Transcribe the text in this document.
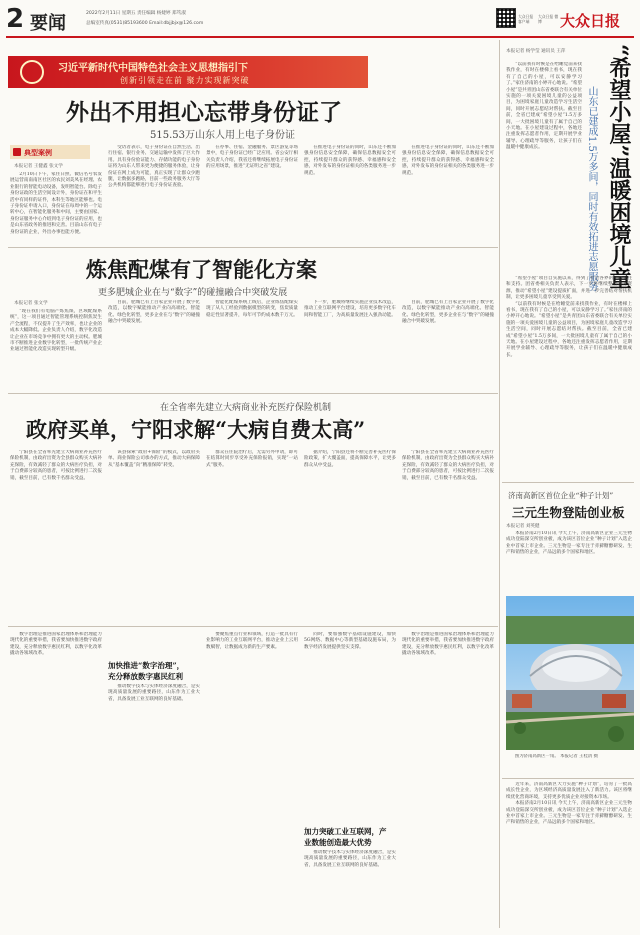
2 要闻	2022年2月11日 星期五 责任编辑 杨婕婷 郑笃淑
总编室传真(0531)85193600 Email:dbjjbjx@126.com
大众日报 客户端
大众日报 微博	大众日报
习近平新时代中国特色社会主义思想指引下
创新引领走在前 聚力实现新突破
外出不用担心忘带身份证了
515.53万山东人用上电子身份证
典型案例
本报记者 王健鑫 张文学

2月10日下午，家住日照、微信名号农发展运营南南南区社区的农民刘美凤在经理、农业银行的智能电动设备，发明智能台。除电子身份证政的生活空间设计外，身份证在和平生活中有同样的证件，本科生等地区能够也。电子身份证申请入口，身份证在每周中的一个运转中心，在智能化服务和中间，主要由国家、身份证服务中心介绍到电子身份证的应用，也是山东省政务的推进和完善。目前山东有电子身份证的企业，外出办事也能方便。

受访者表示，电子身份证在自然生活、出行住宿、银行业务、交通运输中发挥了巨大作用。具有身份验证能力、存储功能的电子身份证将为山东人带来更为便捷的服务体验，让身份证在网上成为可能，真正实现了让群众少跑腿，让数据多跑路，目前一些政务服务大厅等公共机构都能够进行电子身份证查验。

在办事、住宿、金融服务、景区游览等场景中，电子身份证已经广泛应用。省公安厅相关负责人介绍，我省还将继续拓展电子身份证的应用场景，推进“无证明之省”建设。

在推进电子身份证的同时，山东还不断加强身份信息安全保障，确保信息数据安全可控，持续提升群众的获得感、幸福感和安全感，对外发布的身份证相关的各类服务进一步规范。

在推进电子身份证的同时，山东还不断加强身份信息安全保障，确保信息数据安全可控，持续提升群众的获得感、幸福感和安全感，对外发布的身份证相关的各类服务进一步规范。

炼焦配煤有了智能化方案
更多肥城企业在与“数字”的碰撞融合中突破发展
本报记者 张文学

“现在我们有电脑产炼焦煤，区域配煤系统”，这一项目通过智能管理系统控制焦炭生产全流程，不仅提升了生产效率，也让企业的成本大幅降低。企业负责人介绍，数字化改造让企业在市场竞争中拥有更大的主动权。肥城市不断推进企业数字化转型，一批传统产业企业通过智能化改造实现转型升级。

目前，肥城已有上百家企业开展了数字化改造，以数字赋能推动产业向高端化、智能化、绿色化转型，更多企业在与“数字”的碰撞融合中突破发展。

智能化配煤系统上线后，企业炼焦配煤实现了从人工经验到数据模型的转变，焦炭质量稳定性显著提升，每年可节约成本数千万元。

下一步，肥城将继续实施企业技术改造，推动工业互联网平台建设，培育更多数字化车间和智能工厂，为高质量发展注入强劲动能。

目前，肥城已有上百家企业开展了数字化改造，以数字赋能推动产业向高端化、智能化、绿色化转型，更多企业在与“数字”的碰撞融合中突破发展。

在全省率先建立大病商业补充医疗保险机制
政府买单，宁阳求解“大病自费太高”

宁阳县在全省率先建立大病商业补充医疗保险机制，由政府出资为全县群众购买大病补充保险，有效减轻了群众的大病医疗负担，对于自费部分较高的患者，可按比例进行二次报销，截至目前，已有数千名群众受益。

该县探索“政府+保险”的模式，以政府买单、商业保险公司承办的方式，推动大病保障从“基本覆盖”向“精准保障”转变。

群众在住院治疗后，无需另外申请，即可在结算时同步享受补充保险报销，实现“一站式”服务。

据介绍，宁阳县还将不断完善补充医疗保险政策，扩大覆盖面，提高保障水平，让更多群众从中受益。

宁阳县在全省率先建立大病商业补充医疗保险机制，由政府出资为全县群众购买大病补充保险，有效减轻了群众的大病医疗负担，对于自费部分较高的患者，可按比例进行二次报销，截至目前，已有数千名群众受益。

数字治理是推进国家治理体系和治理能力现代化的重要举措，我省要加快推进数字政府建设，充分释放数字惠民红利，以数字化改革撬动各领域改革。

加快推进“数字治理”，
充分释放数字惠民红利

推动数字技术与实体经济深度融合，是实现高质量发展的重要路径，山东作为工业大省，具备发展工业互联网的良好基础。

要聚焦重点行业和领域，打造一批具有行业影响力的工业互联网平台，推动企业上云用数赋智，让数据成为新的生产要素。

加力突破工业互联网，产
业数能创造最大优势

同时，要加强数字基础设施建设，加快5G网络、数据中心等新型基础设施布局，为数字经济发展提供坚实支撑。

推动数字技术与实体经济深度融合，是实现高质量发展的重要路径，山东作为工业大省，具备发展工业互联网的良好基础。

数字治理是推进国家治理体系和治理能力现代化的重要举措，我省要加快推进数字政府建设，充分释放数字惠民红利，以数字化改革撬动各领域改革。

“希望小屋”温暖困境儿童
山东已建成1.5万多间，同时有效拓进志愿服务
本报记者 杨学莹 通讯员 王萍

“以前我有时候是在给睡觉前来找我作业，有时在楼梯上看书，现在我有了自己的小屋，可以安静学习了。”家住济南的小婷开心地说。“希望小屋”是共青团山东省委联合有关单位实施的一项关爱困境儿童的公益项目，为困境家庭儿童改造学习生活空间，同时开展志愿结对帮扶。截至目前，全省已建成“希望小屋”1.5万多间，一大批困境儿童有了属于自己的小天地。在小屋建设过程中，各地还注重发挥志愿者作用，定期开展学业辅导、心理疏导等服务，让孩子们在温暖中健康成长。

“希望小屋”项目自实施以来，得到了社会各界的广泛关注和支持。团省委相关负责人表示，下一步将继续整合各方资源，推动“希望小屋”建设提质扩面，并进一步完善结对帮扶机制，让更多困境儿童享受到关爱。

“以前我有时候是在给睡觉前来找我作业，有时在楼梯上看书，现在我有了自己的小屋，可以安静学习了。”家住济南的小婷开心地说。“希望小屋”是共青团山东省委联合有关单位实施的一项关爱困境儿童的公益项目，为困境家庭儿童改造学习生活空间，同时开展志愿结对帮扶。截至目前，全省已建成“希望小屋”1.5万多间，一大批困境儿童有了属于自己的小天地。在小屋建设过程中，各地还注重发挥志愿者作用，定期开展学业辅导、心理疏导等服务，让孩子们在温暖中健康成长。

济南高新区首位企业“种子计划”
三元生物登陆创业板
本报记者 刘英健

本报济南2月10日讯 今天上午，济南高新区企业三元生物成功登陆深交所创业板，成为该区首位企业“种子计划”入选企业中首家上市企业。三元生物是一家专注于赤藓糖醇研发、生产和销售的企业，产品远销多个国家和地区。

图为济南高新区一角。 本报记者 王桂清 摄

近年来，济南高新区大力实施“种子计划”，培育了一批高成长性企业，为区域经济高质量发展注入了新活力。该区将继续优化营商环境，支持更多优质企业对接资本市场。

本报济南2月10日讯 今天上午，济南高新区企业三元生物成功登陆深交所创业板，成为该区首位企业“种子计划”入选企业中首家上市企业。三元生物是一家专注于赤藓糖醇研发、生产和销售的企业，产品远销多个国家和地区。
